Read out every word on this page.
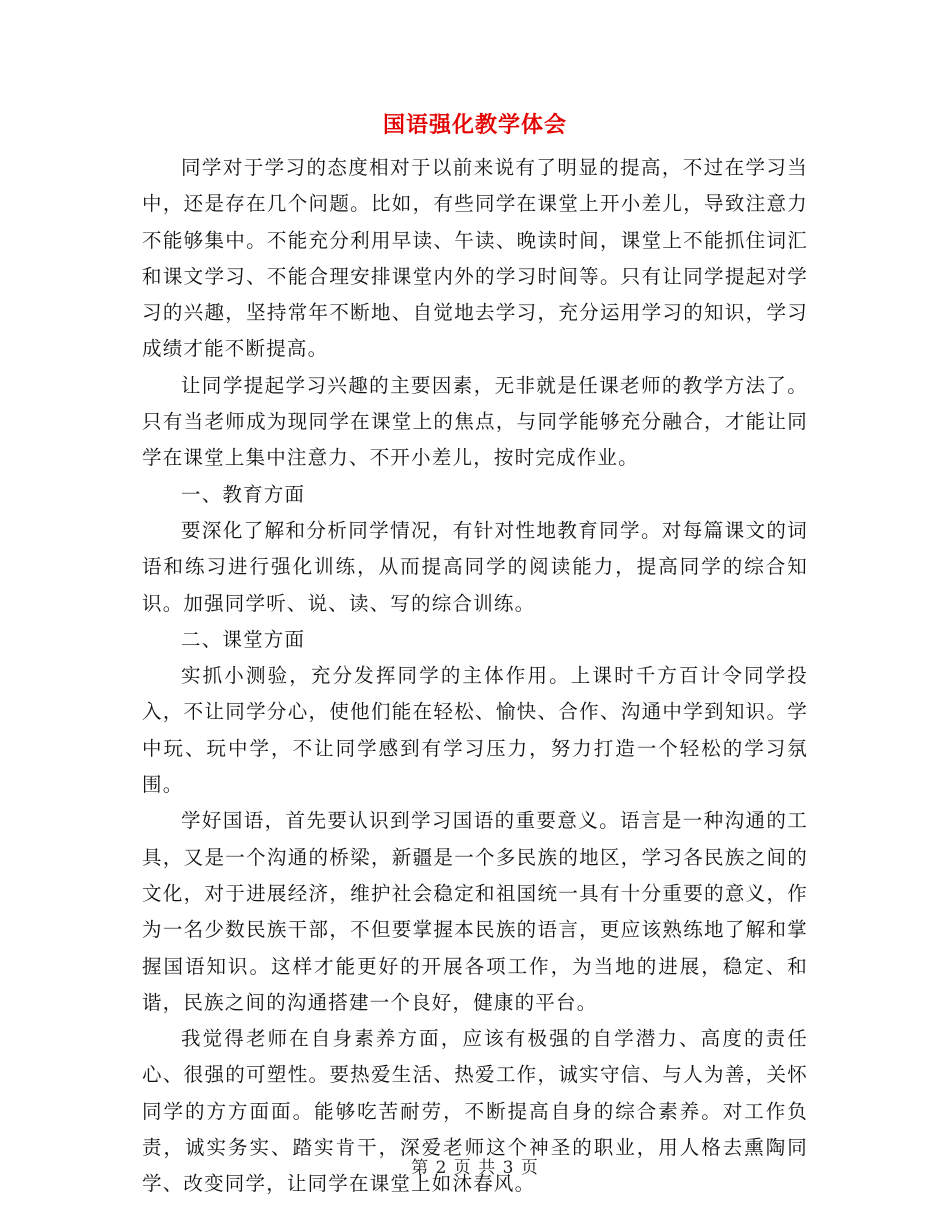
国语强化教学体会

同学对于学习的态度相对于以前来说有了明显的提高，不过在学习当中，还是存在几个问题。比如，有些同学在课堂上开小差儿，导致注意力不能够集中。不能充分利用早读、午读、晚读时间，课堂上不能抓住词汇和课文学习、不能合理安排课堂内外的学习时间等。只有让同学提起对学习的兴趣，坚持常年不断地、自觉地去学习，充分运用学习的知识，学习成绩才能不断提高。

让同学提起学习兴趣的主要因素，无非就是任课老师的教学方法了。只有当老师成为现同学在课堂上的焦点，与同学能够充分融合，才能让同学在课堂上集中注意力、不开小差儿，按时完成作业。

一、教育方面

要深化了解和分析同学情况，有针对性地教育同学。对每篇课文的词语和练习进行强化训练，从而提高同学的阅读能力，提高同学的综合知识。加强同学听、说、读、写的综合训练。

二、课堂方面

实抓小测验，充分发挥同学的主体作用。上课时千方百计令同学投入，不让同学分心，使他们能在轻松、愉快、合作、沟通中学到知识。学中玩、玩中学，不让同学感到有学习压力，努力打造一个轻松的学习氛围。

学好国语，首先要认识到学习国语的重要意义。语言是一种沟通的工具，又是一个沟通的桥梁，新疆是一个多民族的地区，学习各民族之间的文化，对于进展经济，维护社会稳定和祖国统一具有十分重要的意义，作为一名少数民族干部，不但要掌握本民族的语言，更应该熟练地了解和掌握国语知识。这样才能更好的开展各项工作，为当地的进展，稳定、和谐，民族之间的沟通搭建一个良好，健康的平台。

我觉得老师在自身素养方面，应该有极强的自学潜力、高度的责任心、很强的可塑性。要热爱生活、热爱工作，诚实守信、与人为善，关怀同学的方方面面。能够吃苦耐劳，不断提高自身的综合素养。对工作负责，诚实务实、踏实肯干，深爱老师这个神圣的职业，用人格去熏陶同学、改变同学，让同学在课堂上如沐春风。

第 2 页 共 3 页
